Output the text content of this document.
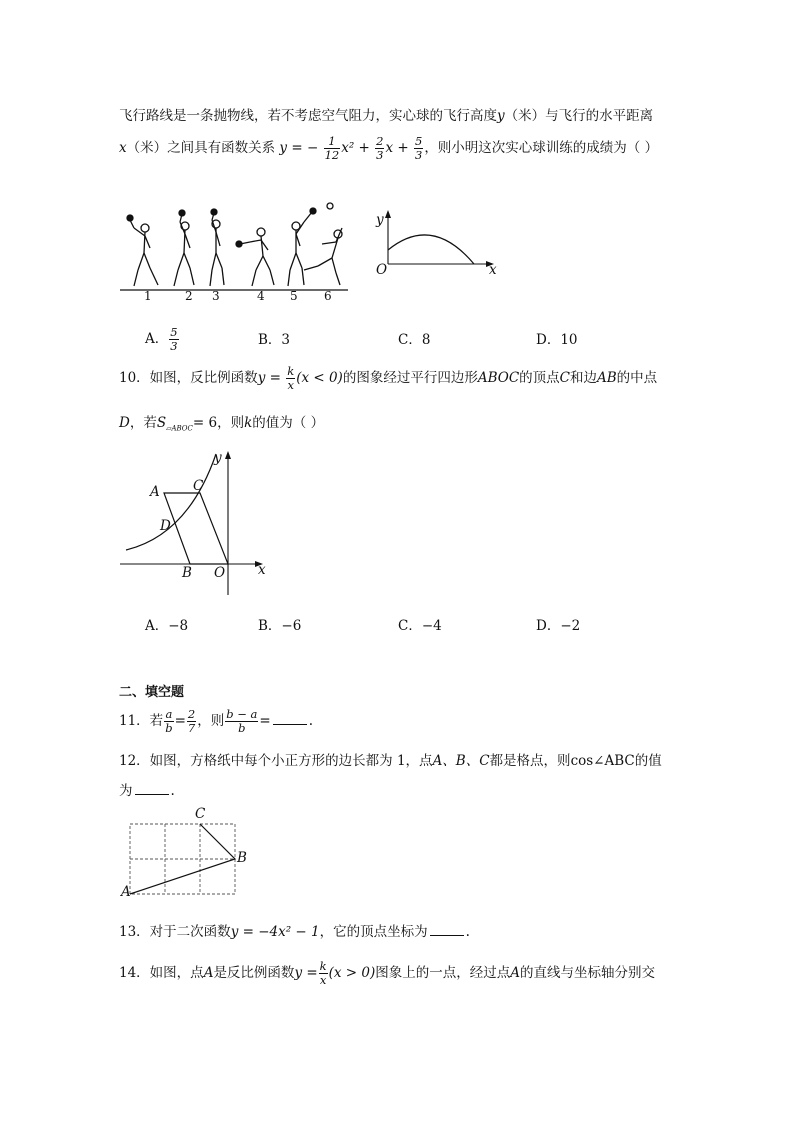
飞行路线是一条抛物线，若不考虑空气阻力，实心球的飞行高度y（米）与飞行的水平距离
x（米）之间具有函数关系 y = − $\frac{1}{12} x^2 + \frac{2}{3}$ $x + \frac{5}{3}$ ，则小明这次实心球训练的成绩为（ ）
1	2 3	4 5 6
y
x
O
A． $\frac{5}{3}$	B．3	C．8	D．10
10．如图，反比例函数$y = \frac{k}{x} (x < 0)$的图象经过平行四边形ABOC的顶点C和边AB的中点
D，若$S_{▱ABOC}= 6$，则k的值为（ ）
A C
D
B O x
y
A．−8	B．−6	C．−4	D．−2
二、填空题
11．若 $\frac{a}{b} = \frac{2}{7}$ ，则 $\frac{b - a}{b}$ =	.
12．如图，方格纸中每个小正方形的边长都为 1，点A、B、C都是格点，则cos∠ABC的值
为	.
C
B
A
13．对于二次函数y = −4x² − 1，它的顶点坐标为	.
14．如图，点A是反比例函数$y = \frac{k}{x} (x > 0)$图象上的一点，经过点A的直线与坐标轴分别交
